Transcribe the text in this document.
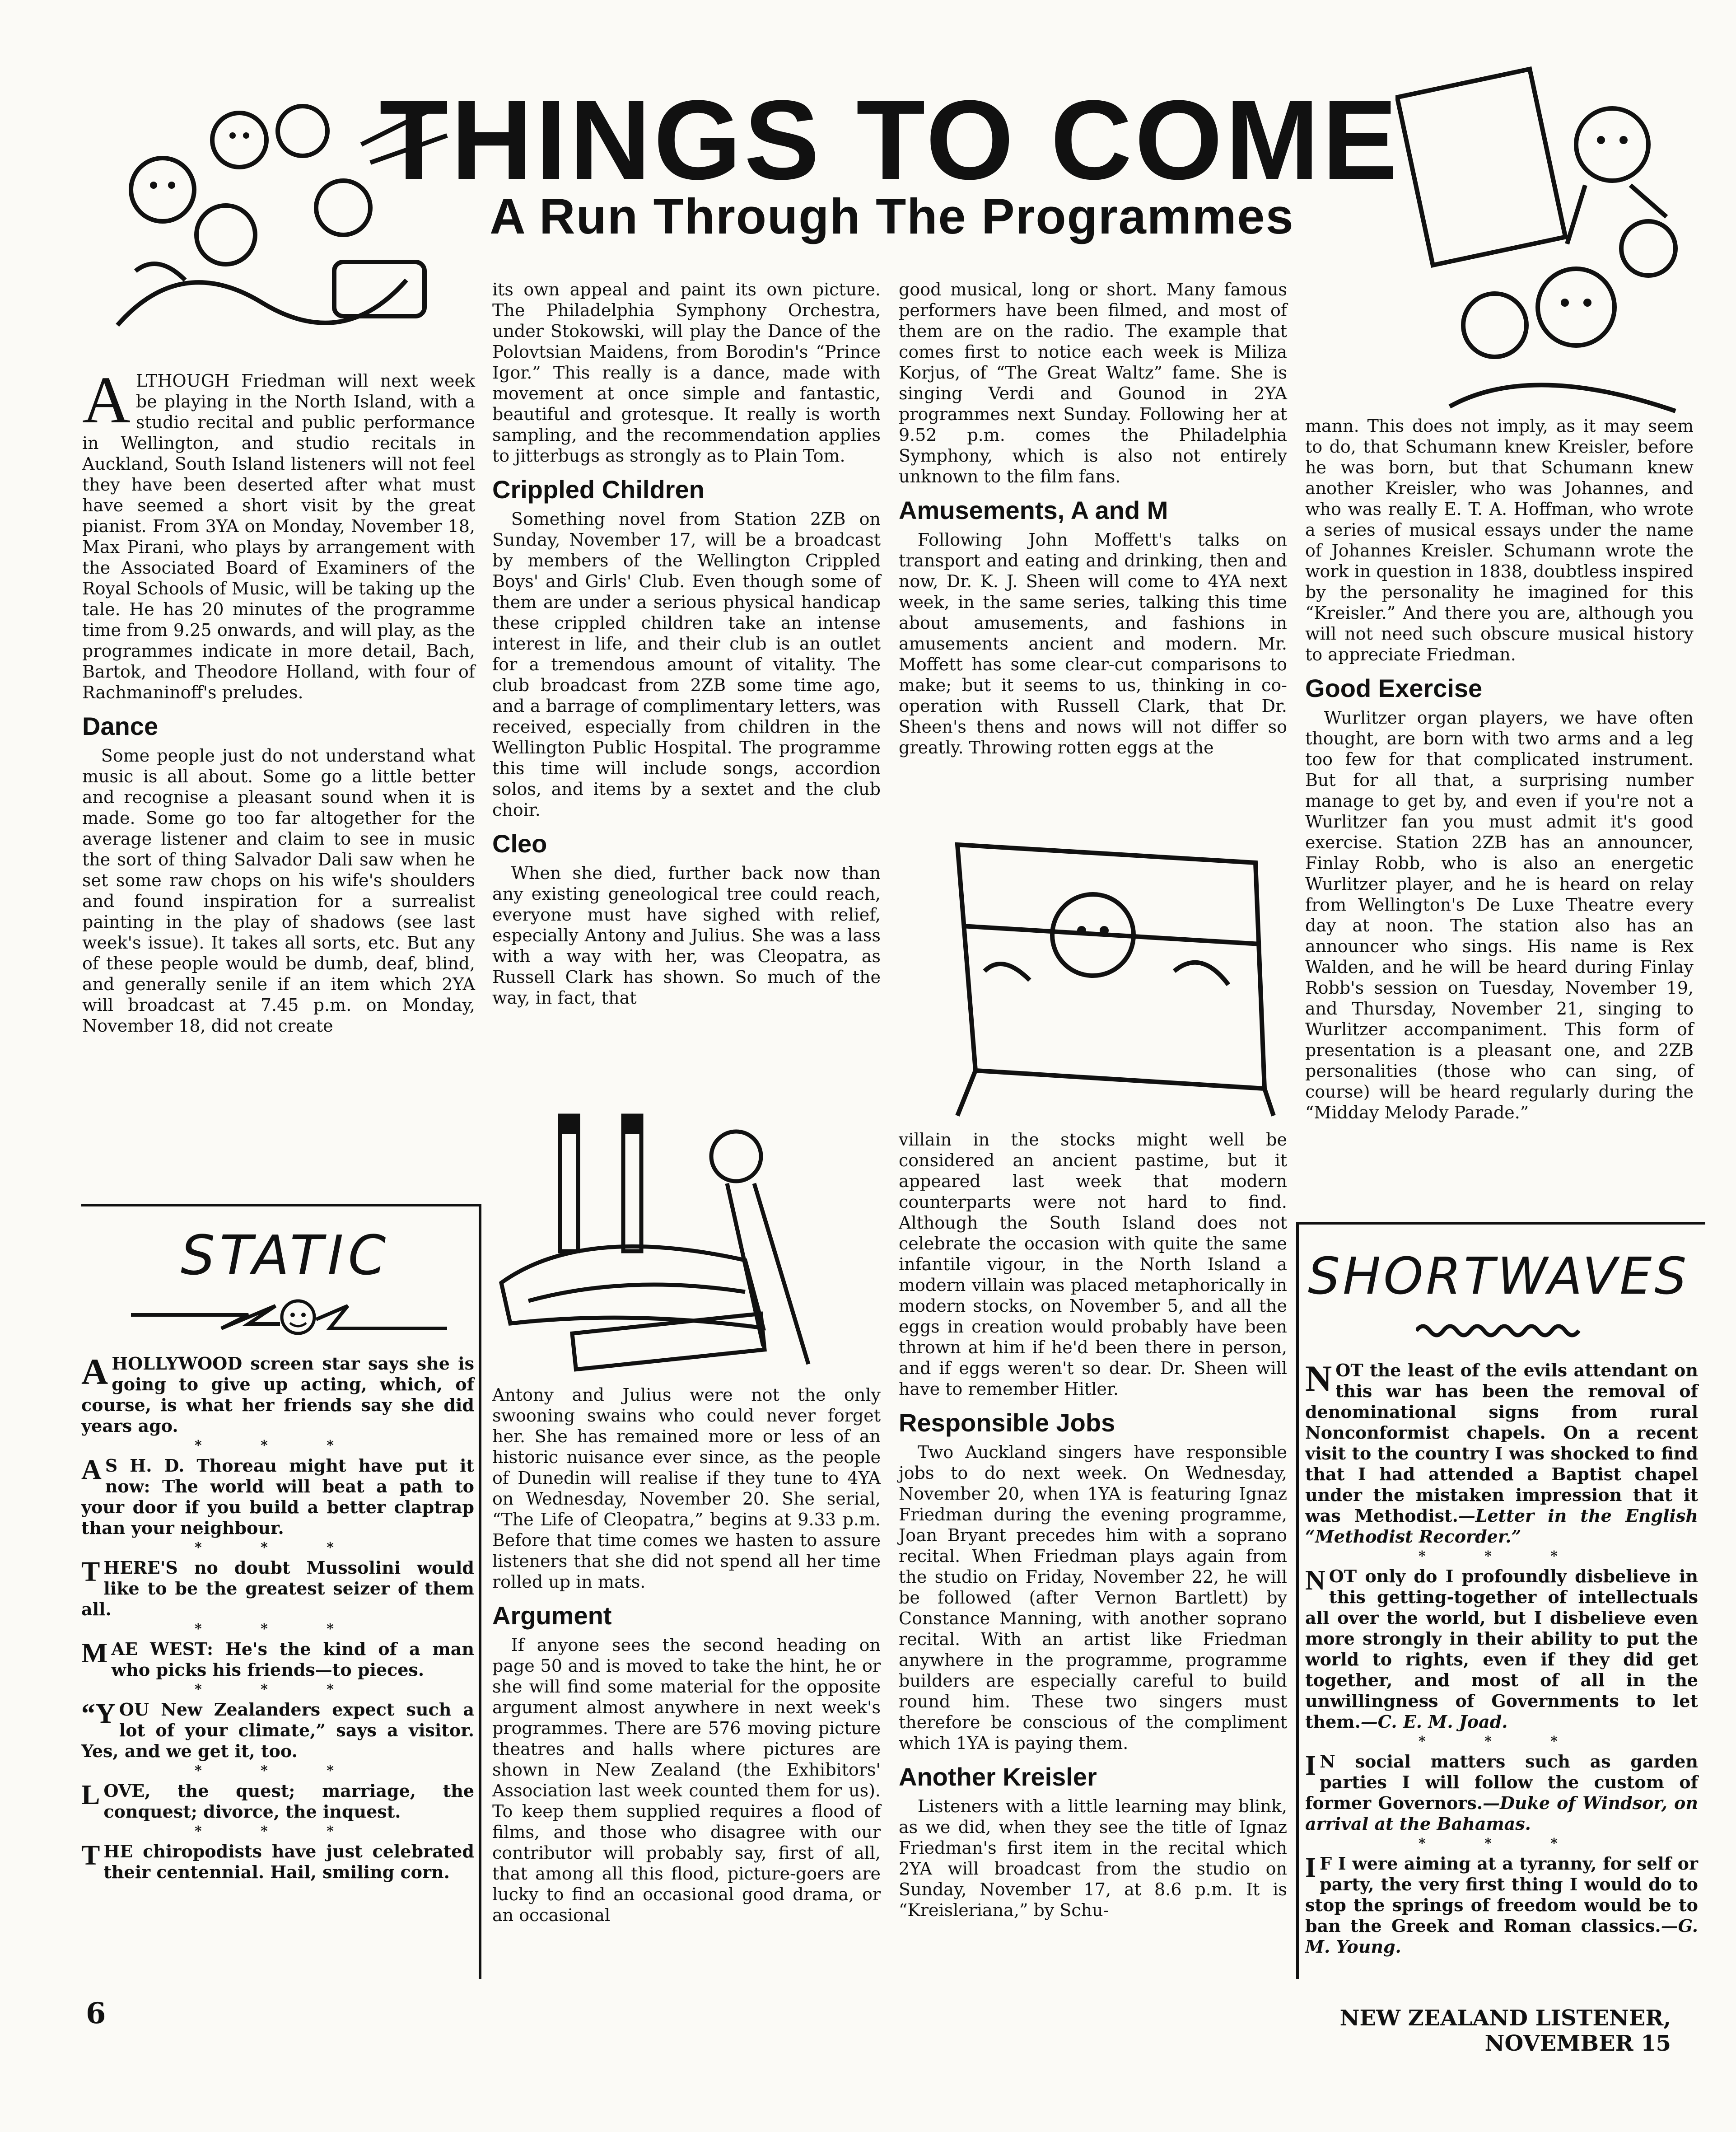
THINGS TO COME
A Run Through The Programmes

ALTHOUGH Friedman will next week be playing in the North Island, with a studio recital and public performance in Wellington, and studio recitals in Auckland, South Island listeners will not feel they have been deserted after what must have seemed a short visit by the great pianist. From 3YA on Monday, November 18, Max Pirani, who plays by arrangement with the Associated Board of Examiners of the Royal Schools of Music, will be taking up the tale. He has 20 minutes of the programme time from 9.25 onwards, and will play, as the programmes indicate in more detail, Bach, Bartok, and Theodore Holland, with four of Rachmaninoff's preludes.

Dance

Some people just do not understand what music is all about. Some go a little better and recognise a pleasant sound when it is made. Some go too far altogether for the average listener and claim to see in music the sort of thing Salvador Dali saw when he set some raw chops on his wife's shoulders and found inspiration for a surrealist painting in the play of shadows (see last week's issue). It takes all sorts, etc. But any of these people would be dumb, deaf, blind, and generally senile if an item which 2YA will broadcast at 7.45 p.m. on Monday, November 18, did not create

STATIC

A HOLLYWOOD screen star says she is going to give up acting, which, of course, is what her friends say she did years ago.

* * *

A S H. D. Thoreau might have put it now: The world will beat a path to your door if you build a better claptrap than your neighbour.

* * *

THERE'S no doubt Mussolini would like to be the greatest seizer of them all.

* * *

MAE WEST: He's the kind of a man who picks his friends—to pieces.

* * *

“YOU New Zealanders expect such a lot of your climate,” says a visitor. Yes, and we get it, too.

* * *

LOVE, the quest; marriage, the conquest; divorce, the inquest.

* * *

THE chiropodists have just celebrated their centennial. Hail, smiling corn.

its own appeal and paint its own picture. The Philadelphia Symphony Orchestra, under Stokowski, will play the Dance of the Polovtsian Maidens, from Borodin's “Prince Igor.” This really is a dance, made with movement at once simple and fantastic, beautiful and grotesque. It really is worth sampling, and the recommendation applies to jitterbugs as strongly as to Plain Tom.

Crippled Children

Something novel from Station 2ZB on Sunday, November 17, will be a broadcast by members of the Wellington Crippled Boys' and Girls' Club. Even though some of them are under a serious physical handicap these crippled children take an intense interest in life, and their club is an outlet for a tremendous amount of vitality. The club broadcast from 2ZB some time ago, and a barrage of complimentary letters, was received, especially from children in the Wellington Public Hospital. The programme this time will include songs, accordion solos, and items by a sextet and the club choir.

Cleo

When she died, further back now than any existing geneological tree could reach, everyone must have sighed with relief, especially Antony and Julius. She was a lass with a way with her, was Cleopatra, as Russell Clark has shown. So much of the way, in fact, that

Antony and Julius were not the only swooning swains who could never forget her. She has remained more or less of an historic nuisance ever since, as the people of Dunedin will realise if they tune to 4YA on Wednesday, November 20. She serial, “The Life of Cleopatra,” begins at 9.33 p.m. Before that time comes we hasten to assure listeners that she did not spend all her time rolled up in mats.

Argument

If anyone sees the second heading on page 50 and is moved to take the hint, he or she will find some material for the opposite argument almost anywhere in next week's programmes. There are 576 moving picture theatres and halls where pictures are shown in New Zealand (the Exhibitors' Association last week counted them for us). To keep them supplied requires a flood of films, and those who disagree with our contributor will probably say, first of all, that among all this flood, picture-goers are lucky to find an occasional good drama, or an occasional

good musical, long or short. Many famous performers have been filmed, and most of them are on the radio. The example that comes first to notice each week is Miliza Korjus, of “The Great Waltz” fame. She is singing Verdi and Gounod in 2YA programmes next Sunday. Following her at 9.52 p.m. comes the Philadelphia Symphony, which is also not entirely unknown to the film fans.

Amusements, A and M

Following John Moffett's talks on transport and eating and drinking, then and now, Dr. K. J. Sheen will come to 4YA next week, in the same series, talking this time about amusements, and fashions in amusements ancient and modern. Mr. Moffett has some clear-cut comparisons to make; but it seems to us, thinking in co-operation with Russell Clark, that Dr. Sheen's thens and nows will not differ so greatly. Throwing rotten eggs at the

villain in the stocks might well be considered an ancient pastime, but it appeared last week that modern counterparts were not hard to find. Although the South Island does not celebrate the occasion with quite the same infantile vigour, in the North Island a modern villain was placed metaphorically in modern stocks, on November 5, and all the eggs in creation would probably have been thrown at him if he'd been there in person, and if eggs weren't so dear. Dr. Sheen will have to remember Hitler.

Responsible Jobs

Two Auckland singers have responsible jobs to do next week. On Wednesday, November 20, when 1YA is featuring Ignaz Friedman during the evening programme, Joan Bryant precedes him with a soprano recital. When Friedman plays again from the studio on Friday, November 22, he will be followed (after Vernon Bartlett) by Constance Manning, with another soprano recital. With an artist like Friedman anywhere in the programme, programme builders are especially careful to build round him. These two singers must therefore be conscious of the compliment which 1YA is paying them.

Another Kreisler

Listeners with a little learning may blink, as we did, when they see the title of Ignaz Friedman's first item in the recital which 2YA will broadcast from the studio on Sunday, November 17, at 8.6 p.m. It is “Kreisleriana,” by Schu-

mann. This does not imply, as it may seem to do, that Schumann knew Kreisler, before he was born, but that Schumann knew another Kreisler, who was Johannes, and who was really E. T. A. Hoffman, who wrote a series of musical essays under the name of Johannes Kreisler. Schumann wrote the work in question in 1838, doubtless inspired by the personality he imagined for this “Kreisler.” And there you are, although you will not need such obscure musical history to appreciate Friedman.

Good Exercise

Wurlitzer organ players, we have often thought, are born with two arms and a leg too few for that complicated instrument. But for all that, a surprising number manage to get by, and even if you're not a Wurlitzer fan you must admit it's good exercise. Station 2ZB has an announcer, Finlay Robb, who is also an energetic Wurlitzer player, and he is heard on relay from Wellington's De Luxe Theatre every day at noon. The station also has an announcer who sings. His name is Rex Walden, and he will be heard during Finlay Robb's session on Tuesday, November 19, and Thursday, November 21, singing to Wurlitzer accompaniment. This form of presentation is a pleasant one, and 2ZB personalities (those who can sing, of course) will be heard regularly during the “Midday Melody Parade.”

SHORTWAVES

NOT the least of the evils attendant on this war has been the removal of denominational signs from rural Nonconformist chapels. On a recent visit to the country I was shocked to find that I had attended a Baptist chapel under the mistaken impression that it was Methodist.—Letter in the English “Methodist Recorder.”

* * *

NOT only do I profoundly disbelieve in this getting-together of intellectuals all over the world, but I disbelieve even more strongly in their ability to put the world to rights, even if they did get together, and most of all in the unwillingness of Governments to let them.—C. E. M. Joad.

* * *

I N social matters such as garden parties I will follow the custom of former Governors.—Duke of Windsor, on arrival at the Bahamas.

* * *

I F I were aiming at a tyranny, for self or party, the very first thing I would do to stop the springs of freedom would be to ban the Greek and Roman classics.—G. M. Young.

6	NEW ZEALAND LISTENER, NOVEMBER 15
